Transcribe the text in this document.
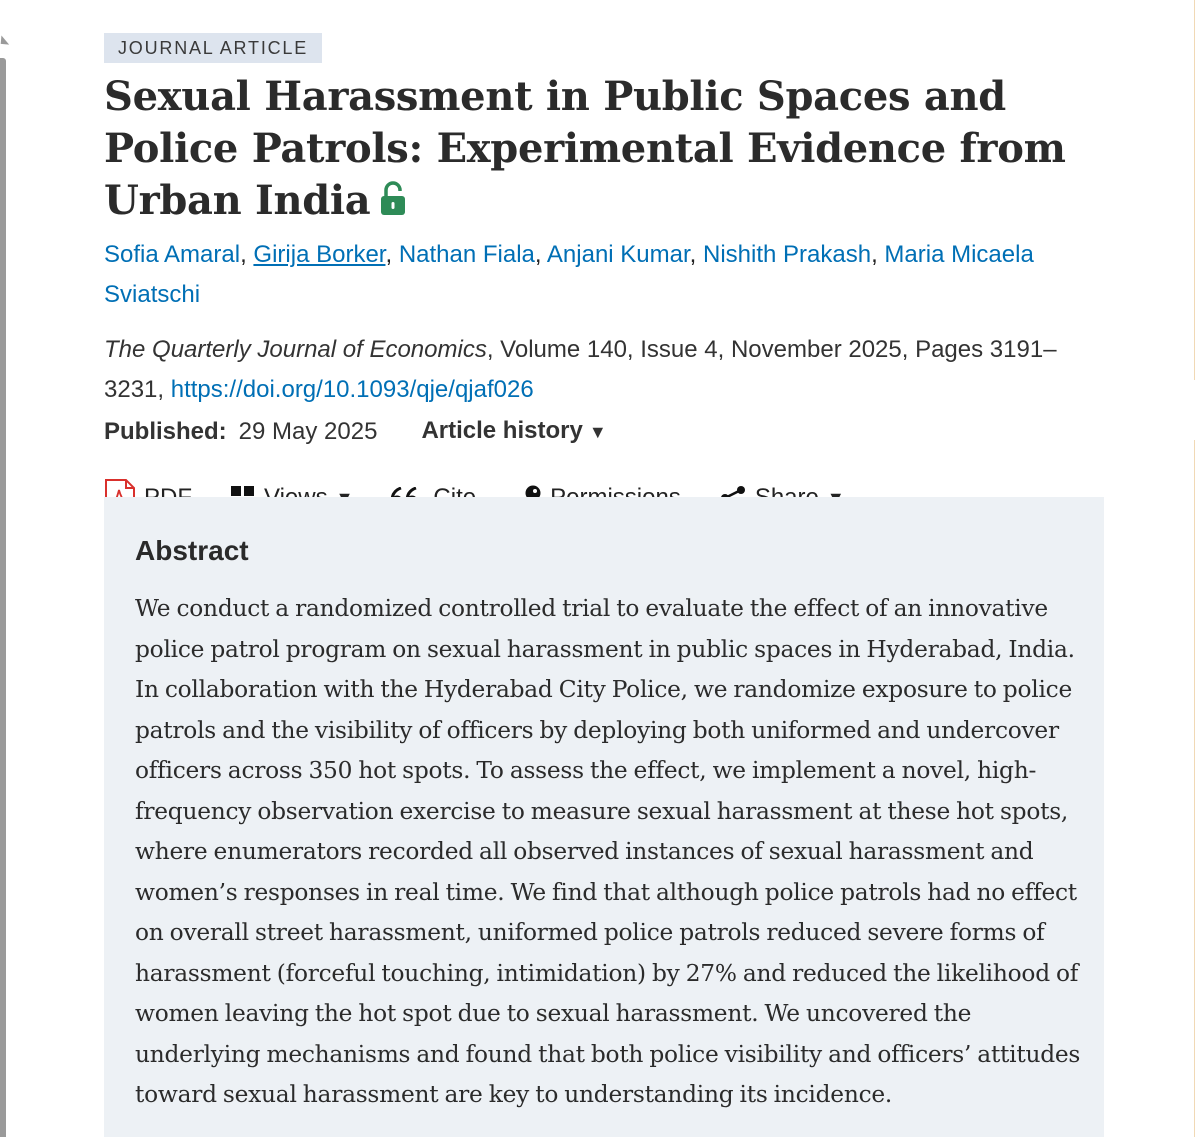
JOURNAL ARTICLE
Sexual Harassment in Public Spaces and Police Patrols: Experimental Evidence from Urban India
Sofia Amaral, Girija Borker, Nathan Fiala, Anjani Kumar, Nishith Prakash, Maria Micaela Sviatschi
The Quarterly Journal of Economics, Volume 140, Issue 4, November 2025, Pages 3191–3231, https://doi.org/10.1093/qje/qjaf026
Published: 29 May 2025 Article history ▼
Abstract

We conduct a randomized controlled trial to evaluate the effect of an innovative police patrol program on sexual harassment in public spaces in Hyderabad, India. In collaboration with the Hyderabad City Police, we randomize exposure to police patrols and the visibility of officers by deploying both uniformed and undercover officers across 350 hot spots. To assess the effect, we implement a novel, high-frequency observation exercise to measure sexual harassment at these hot spots, where enumerators recorded all observed instances of sexual harassment and women’s responses in real time. We find that although police patrols had no effect on overall street harassment, uniformed police patrols reduced severe forms of harassment (forceful touching, intimidation) by 27% and reduced the likelihood of women leaving the hot spot due to sexual harassment. We uncovered the underlying mechanisms and found that both police visibility and officers’ attitudes toward sexual harassment are key to understanding its incidence.
